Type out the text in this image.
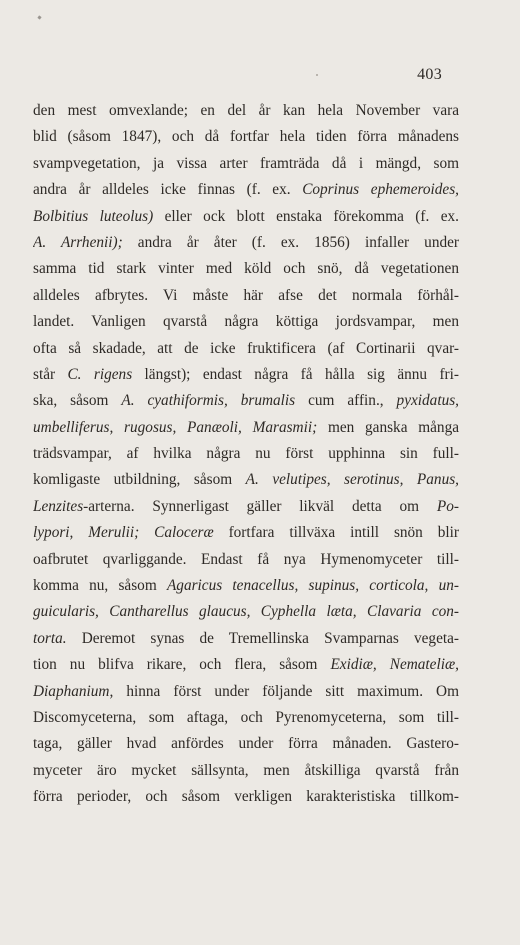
403
den mest omvexlande; en del år kan hela November vara
blid (såsom 1847), och då fortfar hela tiden förra månadens
svampvegetation, ja vissa arter framträda då i mängd, som
andra år alldeles icke finnas (f. ex. Coprinus ephemeroides,
Bolbitius luteolus) eller ock blott enstaka förekomma (f. ex.
A. Arrhenii); andra år åter (f. ex. 1856) infaller under
samma tid stark vinter med köld och snö, då vegetationen
alldeles afbrytes. Vi måste här afse det normala förhål-
landet. Vanligen qvarstå några köttiga jordsvampar, men
ofta så skadade, att de icke fruktificera (af Cortinarii qvar-
står C. rigens längst); endast några få hålla sig ännu fri-
ska, såsom A. cyathiformis, brumalis cum affin., pyxidatus,
umbelliferus, rugosus, Panæoli, Marasmii; men ganska många
trädsvampar, af hvilka några nu först upphinna sin full-
komligaste utbildning, såsom A. velutipes, serotinus, Panus,
Lenzites-arterna. Synnerligast gäller likväl detta om Po-
lypori, Merulii; Caloceræ fortfara tillväxa intill snön blir
oafbrutet qvarliggande. Endast få nya Hymenomyceter till-
komma nu, såsom Agaricus tenacellus, supinus, corticola, un-
guicularis, Cantharellus glaucus, Cyphella læta, Clavaria con-
torta. Deremot synas de Tremellinska Svamparnas vegeta-
tion nu blifva rikare, och flera, såsom Exidiæ, Nemateliæ,
Diaphanium, hinna först under följande sitt maximum. Om
Discomyceterna, som aftaga, och Pyrenomyceterna, som till-
taga, gäller hvad anfördes under förra månaden. Gastero-
myceter äro mycket sällsynta, men åtskilliga qvarstå från
förra perioder, och såsom verkligen karakteristiska tillkom-
